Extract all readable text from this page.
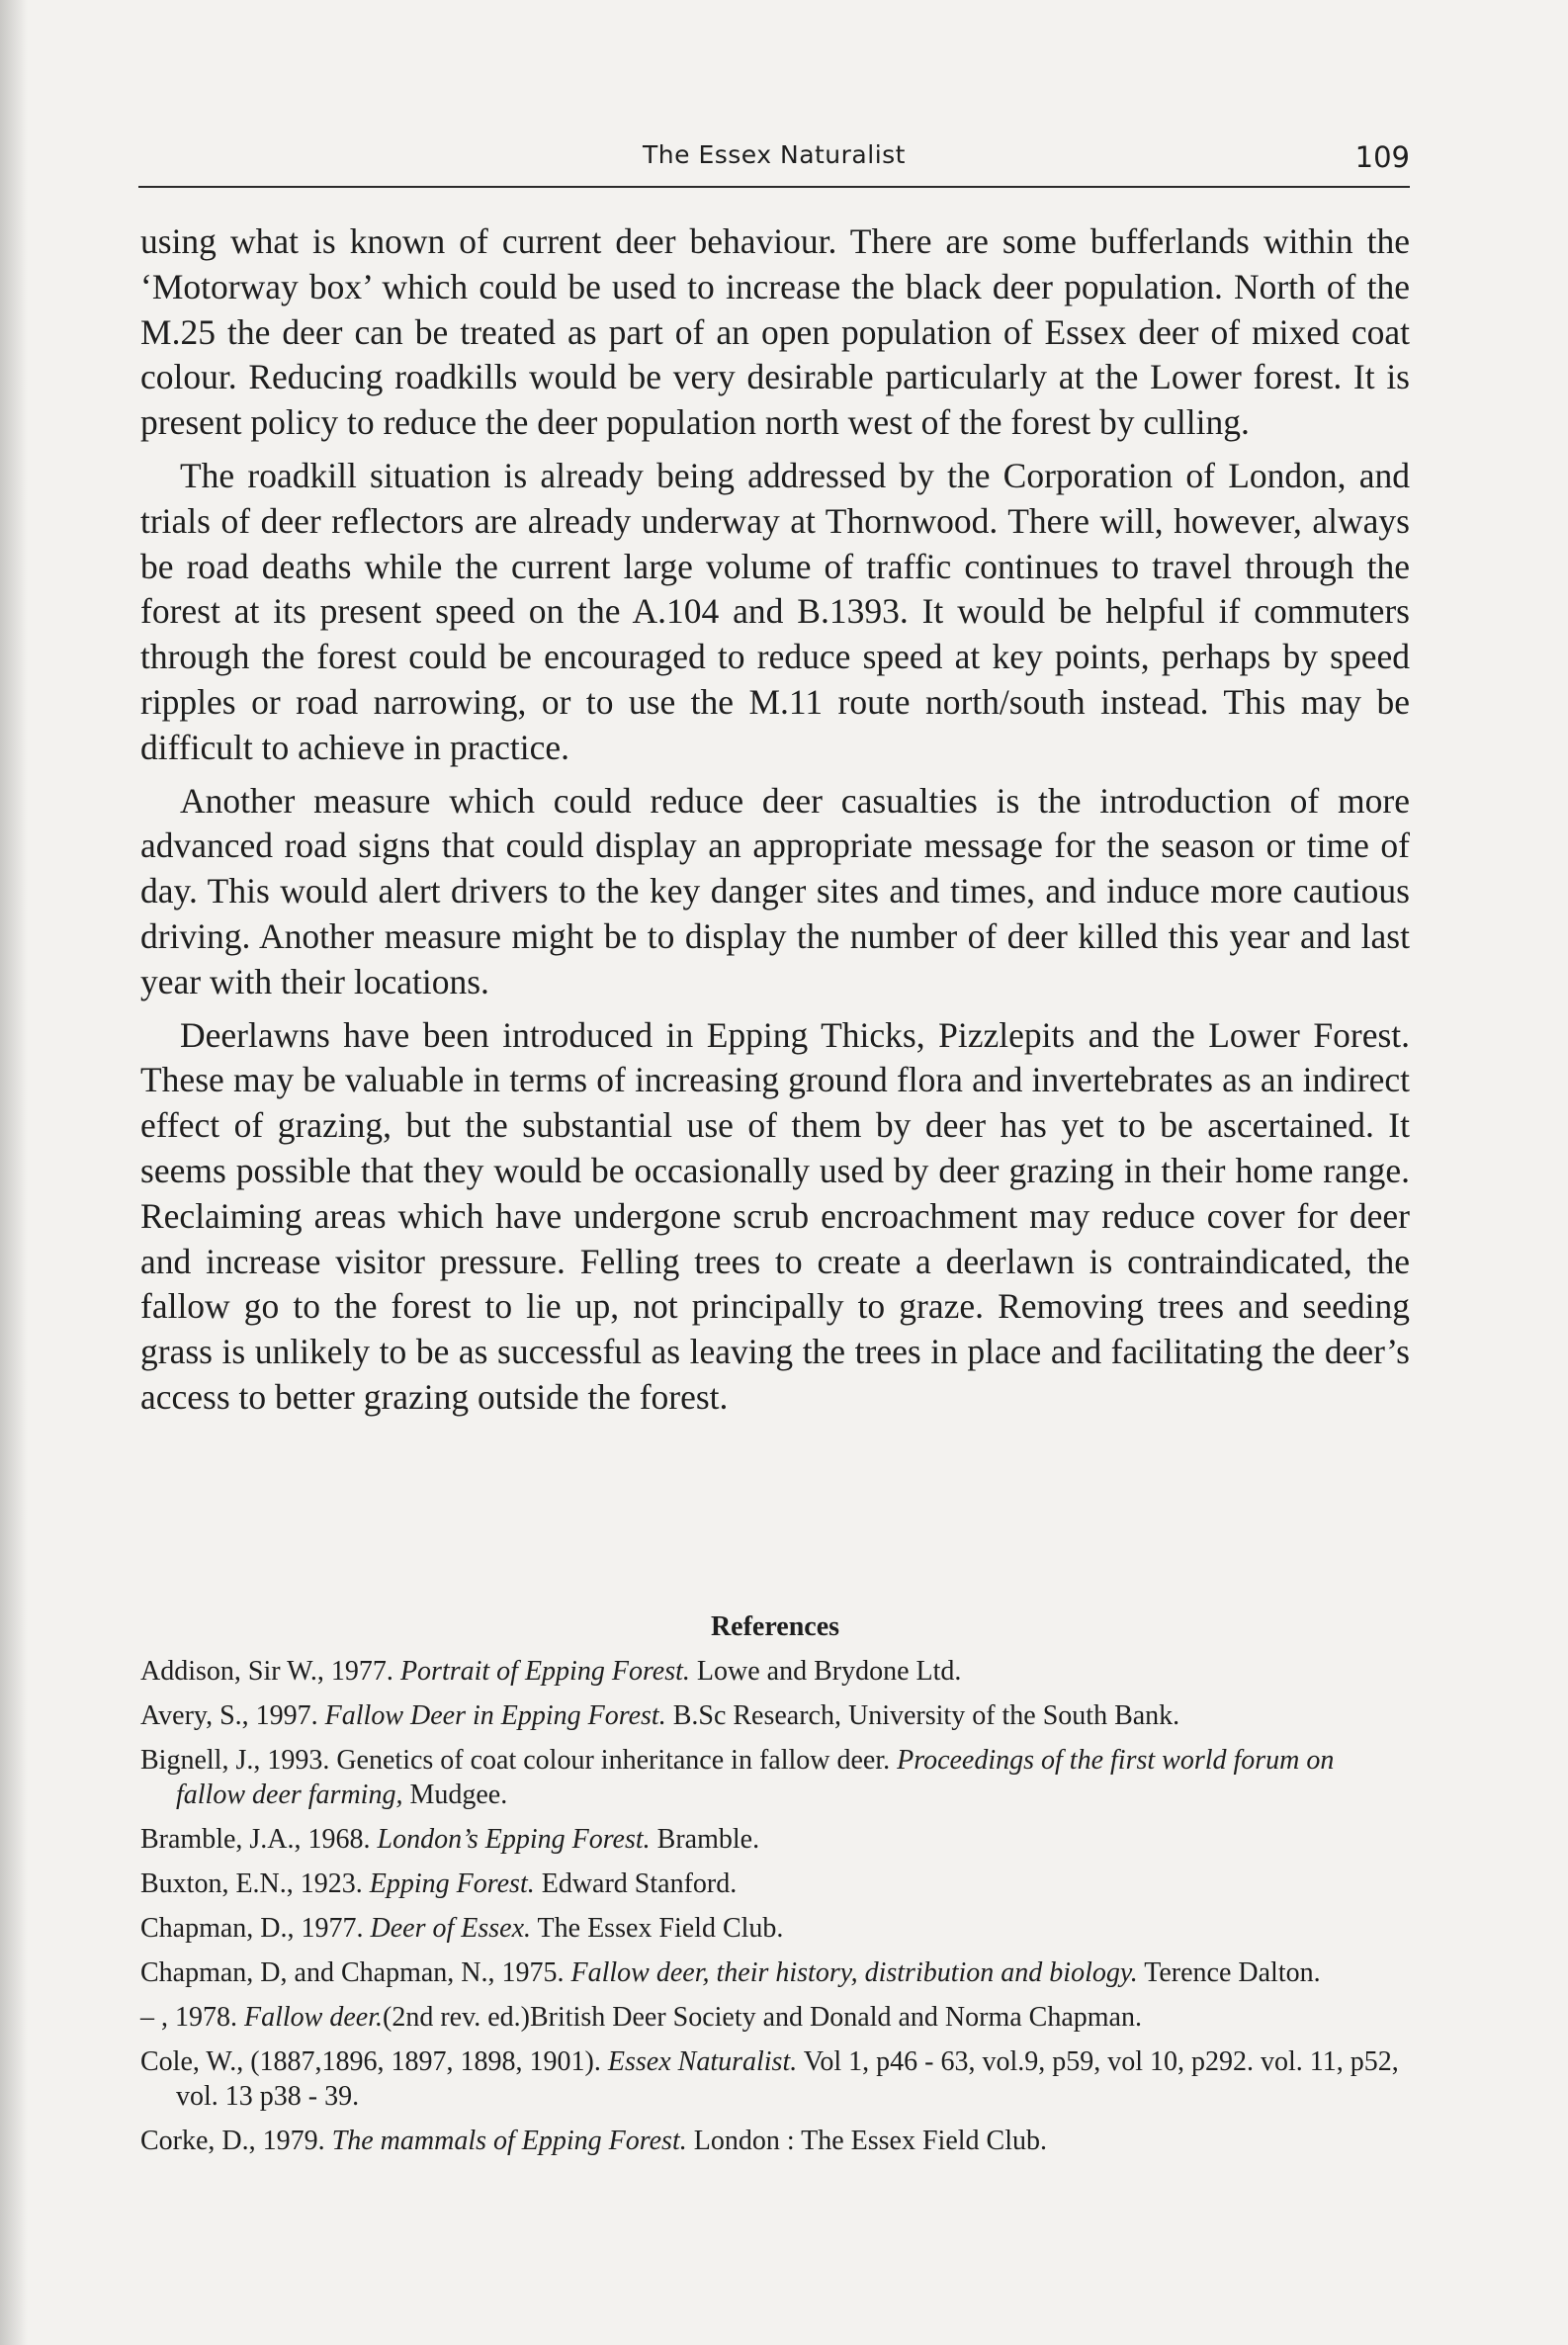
The Essex Naturalist	109

using what is known of current deer behaviour. There are some bufferlands within the ‘Motorway box’ which could be used to increase the black deer population. North of the M.25 the deer can be treated as part of an open population of Essex deer of mixed coat colour. Reducing roadkills would be very desirable particularly at the Lower forest. It is present policy to reduce the deer population north west of the forest by culling.

The roadkill situation is already being addressed by the Corporation of London, and trials of deer reflectors are already underway at Thornwood. There will, however, always be road deaths while the current large volume of traffic continues to travel through the forest at its present speed on the A.104 and B.1393. It would be helpful if commuters through the forest could be encouraged to reduce speed at key points, perhaps by speed ripples or road narrowing, or to use the M.11 route north/south instead. This may be difficult to achieve in practice.

Another measure which could reduce deer casualties is the introduction of more advanced road signs that could display an appropriate message for the season or time of day. This would alert drivers to the key danger sites and times, and induce more cautious driving. Another measure might be to display the number of deer killed this year and last year with their locations.

Deerlawns have been introduced in Epping Thicks, Pizzlepits and the Lower Forest. These may be valuable in terms of increasing ground flora and invertebrates as an indirect effect of grazing, but the substantial use of them by deer has yet to be ascertained. It seems possible that they would be occasionally used by deer grazing in their home range. Reclaiming areas which have undergone scrub encroachment may reduce cover for deer and increase visitor pressure. Felling trees to create a deerlawn is contraindicated, the fallow go to the forest to lie up, not principally to graze. Removing trees and seeding grass is unlikely to be as successful as leaving the trees in place and facilitating the deer’s access to better grazing outside the forest.

References
Addison, Sir W., 1977. Portrait of Epping Forest. Lowe and Brydone Ltd.
Avery, S., 1997. Fallow Deer in Epping Forest. B.Sc Research, University of the South Bank.
Bignell, J., 1993. Genetics of coat colour inheritance in fallow deer. Proceedings of the first world forum on fallow deer farming, Mudgee.
Bramble, J.A., 1968. London’s Epping Forest. Bramble.
Buxton, E.N., 1923. Epping Forest. Edward Stanford.
Chapman, D., 1977. Deer of Essex. The Essex Field Club.
Chapman, D, and Chapman, N., 1975. Fallow deer, their history, distribution and biology. Terence Dalton.
– , 1978. Fallow deer.(2nd rev. ed.)British Deer Society and Donald and Norma Chapman.
Cole, W., (1887,1896, 1897, 1898, 1901). Essex Naturalist. Vol 1, p46 - 63, vol.9, p59, vol 10, p292. vol. 11, p52, vol. 13 p38 - 39.
Corke, D., 1979. The mammals of Epping Forest. London : The Essex Field Club.
